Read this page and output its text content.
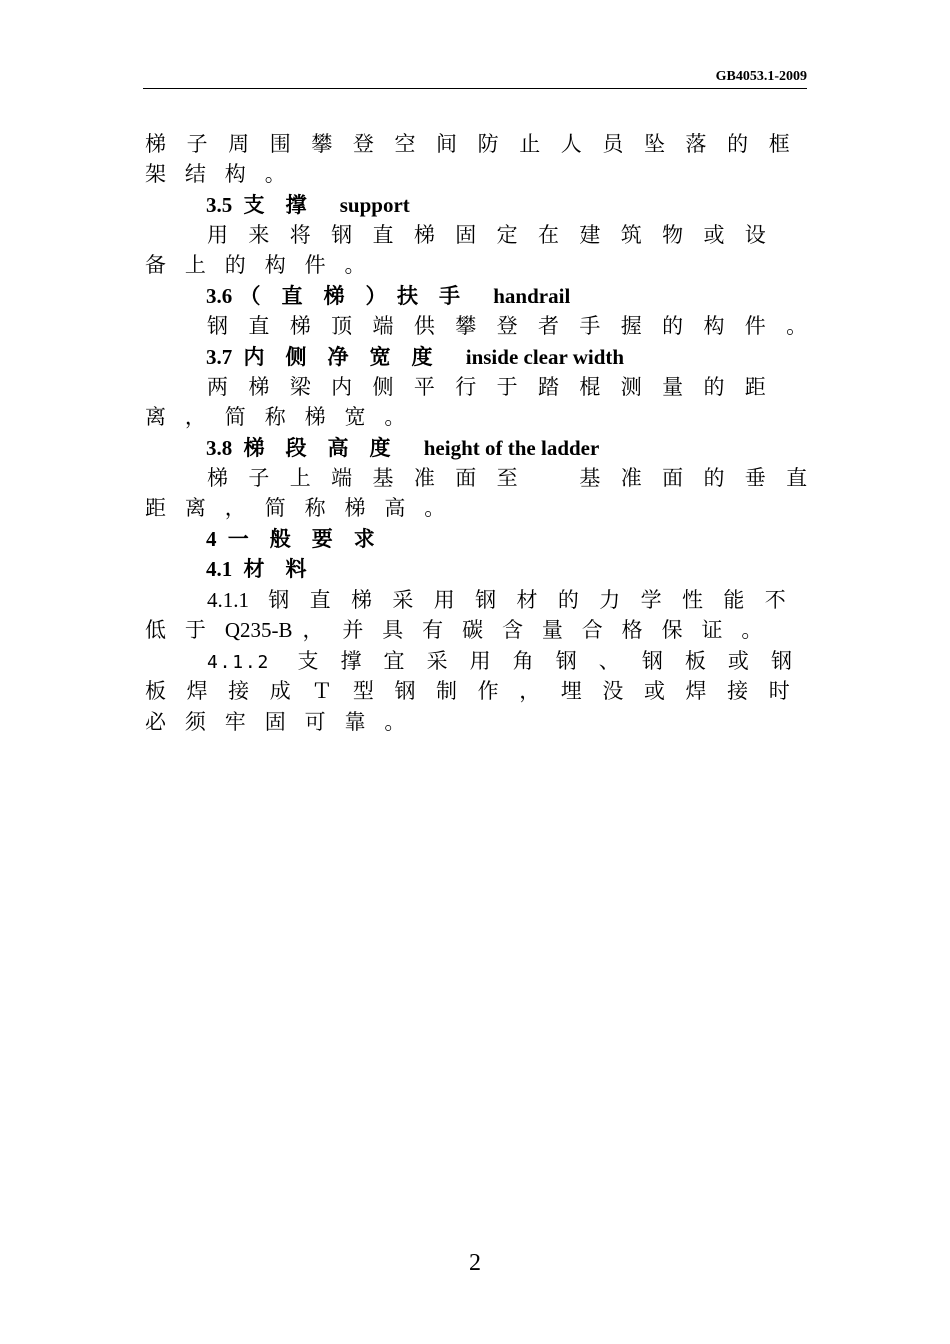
GB4053.1-2009
梯子周围攀登空间防止人员坠落的框
架结构。
3.5 支　撑 support
用来将钢直梯固定在建筑物或设
备上的构件。
3.6 （　直　梯　）　扶　手 handrail
钢直梯顶端供攀登者手握的构件。
3.7 内　侧　净　宽　度 inside clear width
两梯梁内侧平行于踏棍测量的距
离，简称梯宽。
3.8 梯　段　高　度 height of the ladder
梯子上端基准面至　基准面的垂直
距离，简称梯高。
4 一　般　要　求
4.1 材　料
4.1.1 钢直梯采用钢材的力学性能不
低于Q235-B ，并具有碳含量合格保证。
4.1.2 支撑宜采用角钢、钢板或钢
板焊接成Ｔ型钢制作，埋没或焊接时
必须牢固可靠。
2
